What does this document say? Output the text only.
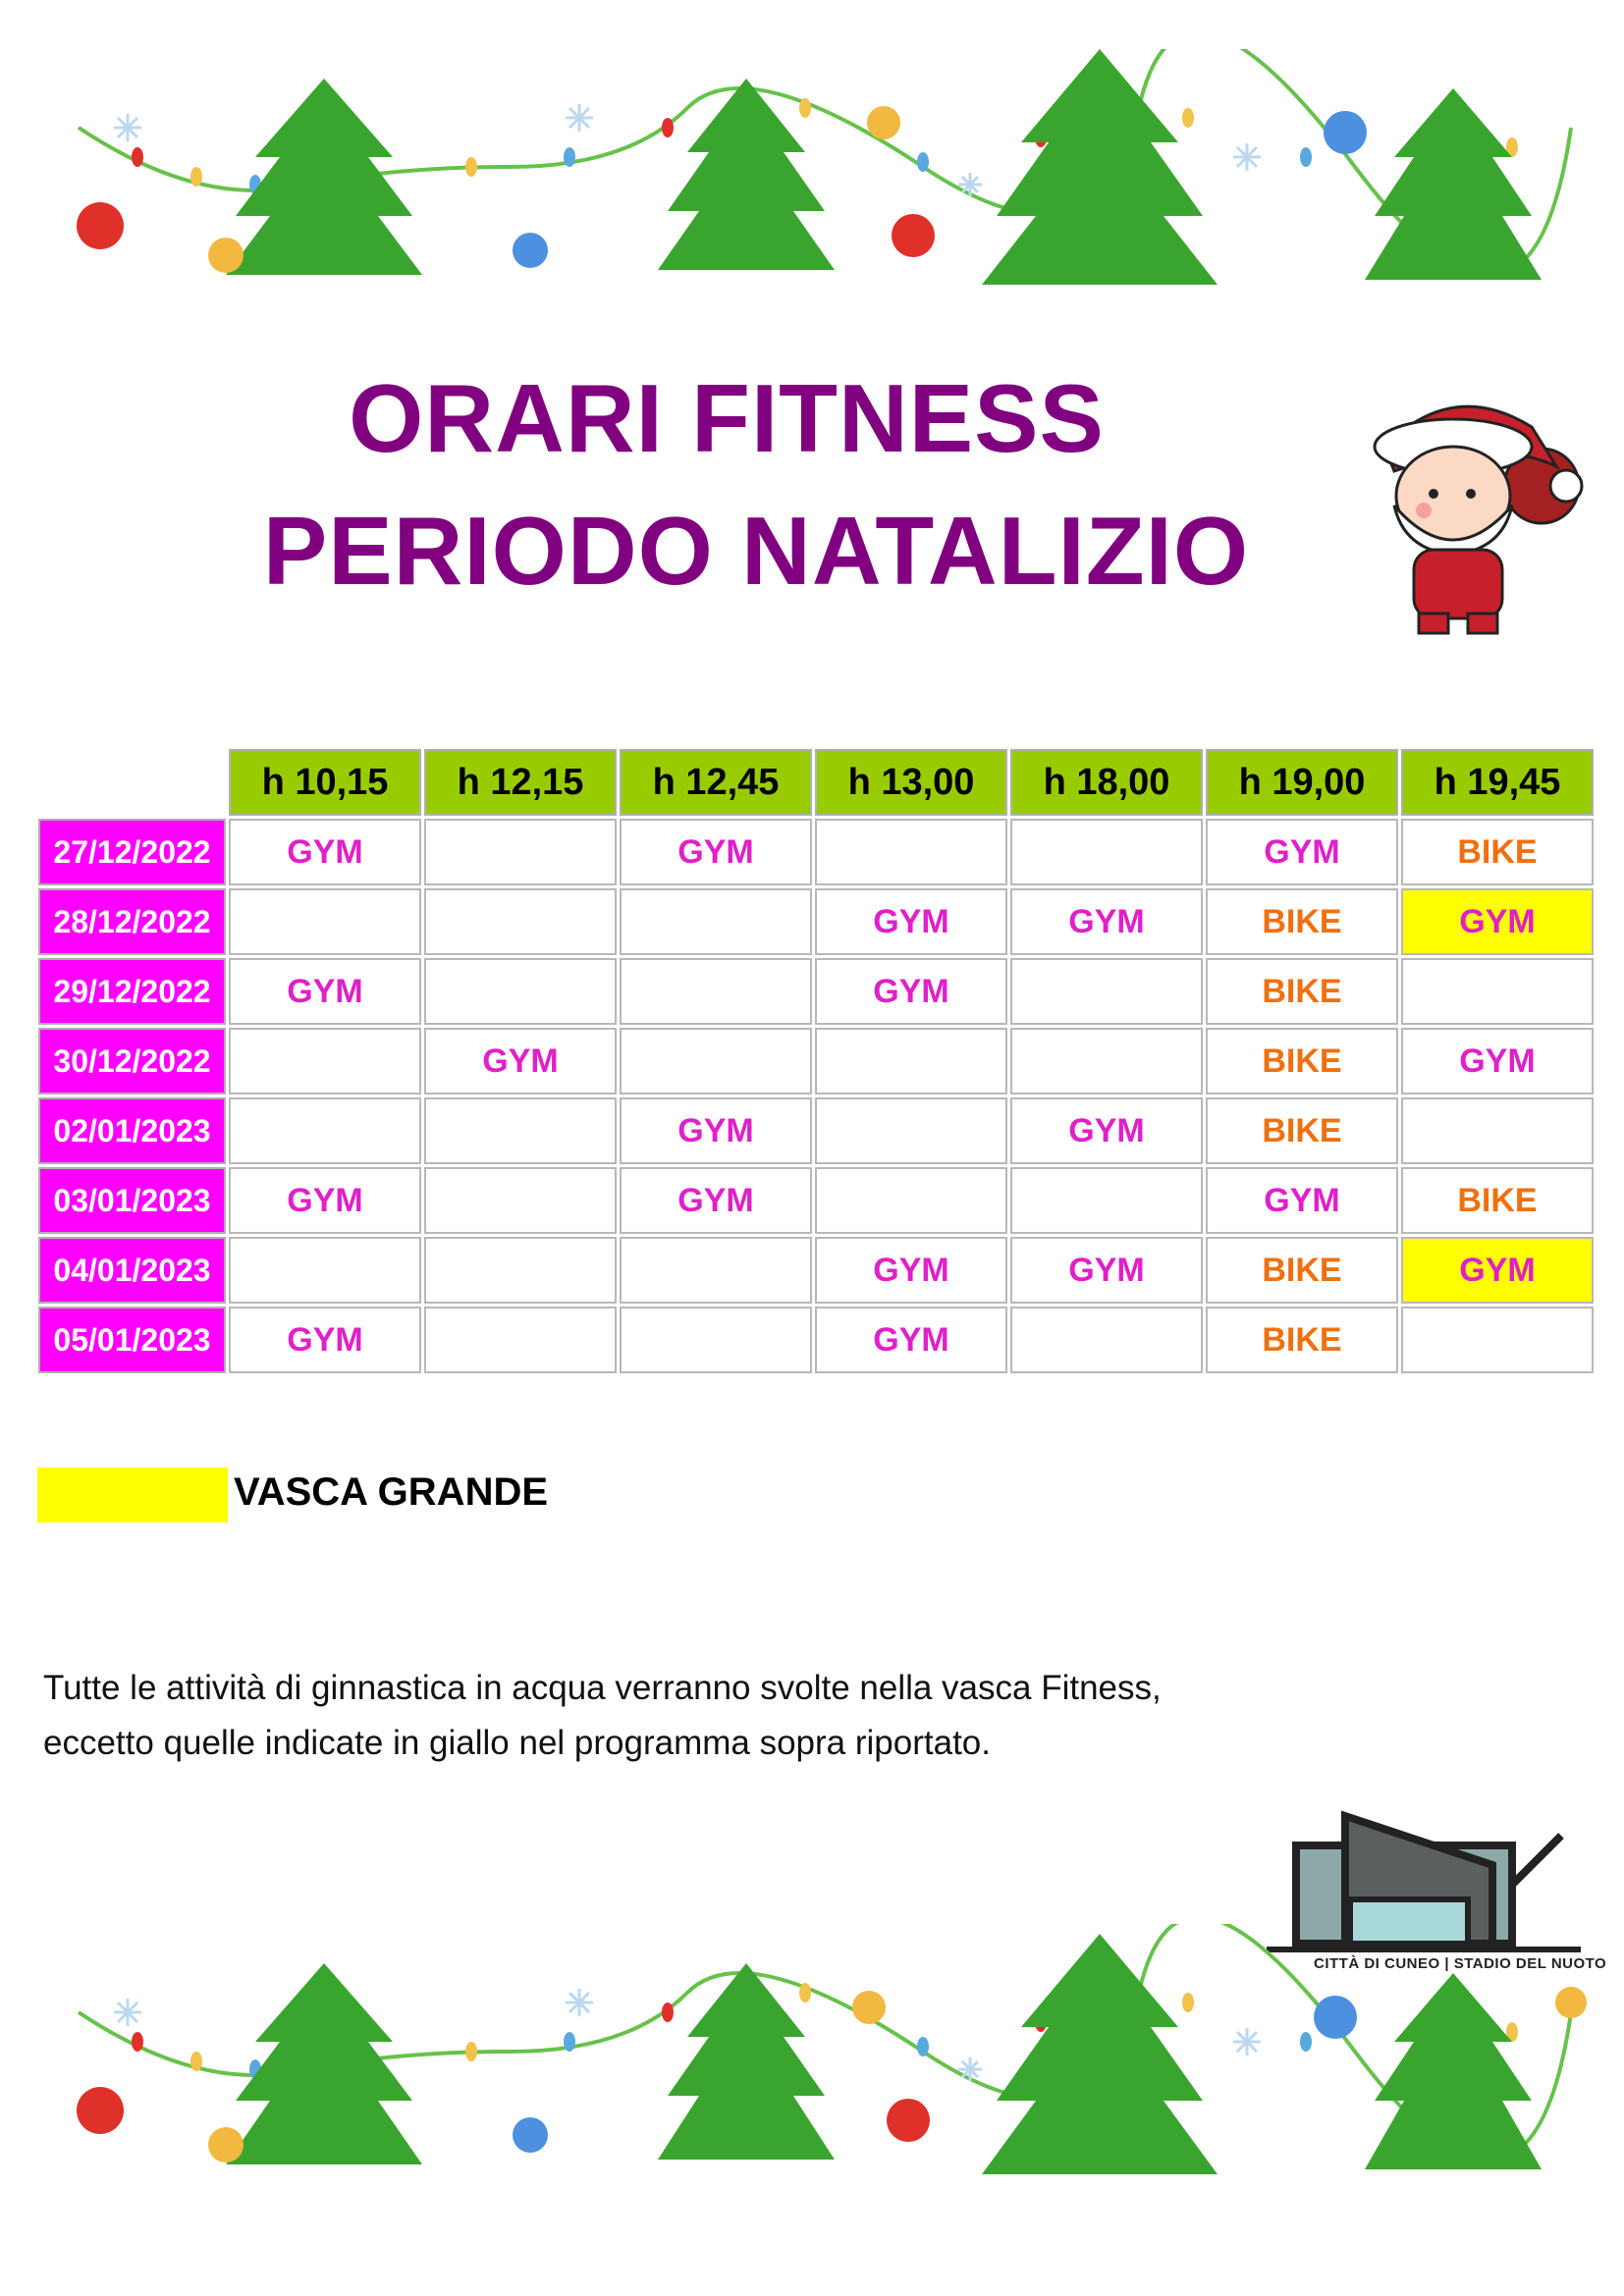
ORARI FITNESS
PERIODO NATALIZIO
	h 10,15	h 12,15	h 12,45	h 13,00	h 18,00	h 19,00	h 19,45
27/12/2022	GYM		GYM			GYM	BIKE
28/12/2022				GYM	GYM	BIKE	GYM
29/12/2022	GYM			GYM		BIKE	
30/12/2022		GYM				BIKE	GYM
02/01/2023			GYM		GYM	BIKE	
03/01/2023	GYM		GYM			GYM	BIKE
04/01/2023				GYM	GYM	BIKE	GYM
05/01/2023	GYM			GYM		BIKE	
VASCA GRANDE

Tutte le attività di ginnastica in acqua verranno svolte nella vasca Fitness,
eccetto quelle indicate in giallo nel programma sopra riportato.

CITTÀ DI CUNEO | STADIO DEL NUOTO
